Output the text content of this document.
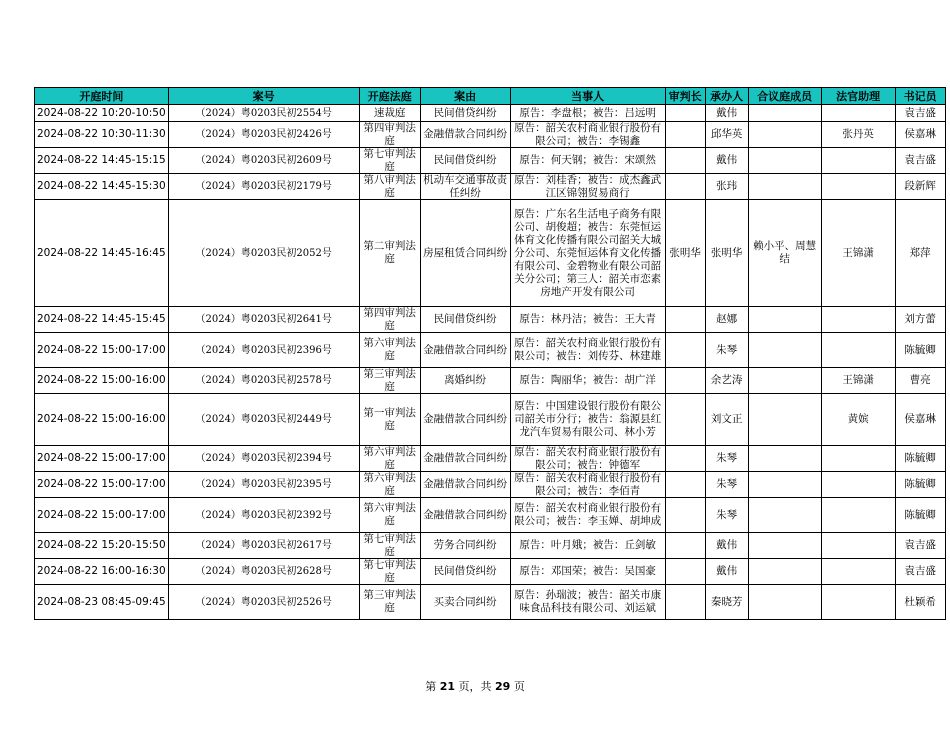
开庭时间	案号	开庭法庭	案由	当事人	审判长	承办人	合议庭成员	法官助理	书记员

2024-08-22 10:20-10:50	（2024）粤0203民初2554号	速裁庭	民间借贷纠纷	原告：李盘根；被告：吕远明		戴伟			袁吉盛

2024-08-22 10:30-11:30	（2024）粤0203民初2426号	第四审判法庭	金融借款合同纠纷	原告：韶关农村商业银行股份有限公司；被告：李锡鑫		邱华英		张丹英	侯嘉琳

2024-08-22 14:45-15:15	（2024）粤0203民初2609号	第七审判法庭	民间借贷纠纷	原告：何天钢；被告：宋颂然		戴伟			袁吉盛

2024-08-22 14:45-15:30	（2024）粤0203民初2179号	第八审判法庭	机动车交通事故责任纠纷	原告：刘桂香；被告：成杰鑫武江区锦翎贸易商行		张玮			段新辉

2024-08-22 14:45-16:45	（2024）粤0203民初2052号	第二审判法庭	房屋租赁合同纠纷	原告：广东名生活电子商务有限公司、胡俊超；被告：东莞恒运体育文化传播有限公司韶关大城分公司、东莞恒运体育文化传播有限公司、金碧物业有限公司韶关分公司；第三人：韶关市恋素房地产开发有限公司	张明华	张明华	赖小平、周慧结	王锦潇	郑萍

2024-08-22 14:45-15:45	（2024）粤0203民初2641号	第四审判法庭	民间借贷纠纷	原告：林丹洁；被告：王大青		赵娜			刘方蕾

2024-08-22 15:00-17:00	（2024）粤0203民初2396号	第六审判法庭	金融借款合同纠纷	原告：韶关农村商业银行股份有限公司；被告：刘传芬、林建雄		朱琴			陈毓卿

2024-08-22 15:00-16:00	（2024）粤0203民初2578号	第三审判法庭	离婚纠纷	原告：陶丽华；被告：胡广洋		余艺涛		王锦潇	曹亮

2024-08-22 15:00-16:00	（2024）粤0203民初2449号	第一审判法庭	金融借款合同纠纷	原告：中国建设银行股份有限公司韶关市分行；被告：翁源县红龙汽车贸易有限公司、林小芳		刘文正		黄嫔	侯嘉琳

2024-08-22 15:00-17:00	（2024）粤0203民初2394号	第六审判法庭	金融借款合同纠纷	原告：韶关农村商业银行股份有限公司；被告：钟德军		朱琴			陈毓卿

2024-08-22 15:00-17:00	（2024）粤0203民初2395号	第六审判法庭	金融借款合同纠纷	原告：韶关农村商业银行股份有限公司；被告：李佰青		朱琴			陈毓卿

2024-08-22 15:00-17:00	（2024）粤0203民初2392号	第六审判法庭	金融借款合同纠纷	原告：韶关农村商业银行股份有限公司；被告：李玉婵、胡坤成		朱琴			陈毓卿

2024-08-22 15:20-15:50	（2024）粤0203民初2617号	第七审判法庭	劳务合同纠纷	原告：叶月娥；被告：丘剑敏		戴伟			袁吉盛

2024-08-22 16:00-16:30	（2024）粤0203民初2628号	第七审判法庭	民间借贷纠纷	原告：邓国荣；被告：吴国豪		戴伟			袁吉盛

2024-08-23 08:45-09:45	（2024）粤0203民初2526号	第三审判法庭	买卖合同纠纷	原告：孙瑞波；被告：韶关市康味食品科技有限公司、刘运斌		秦晓芳			杜颖希
第 21 页，共 29 页
